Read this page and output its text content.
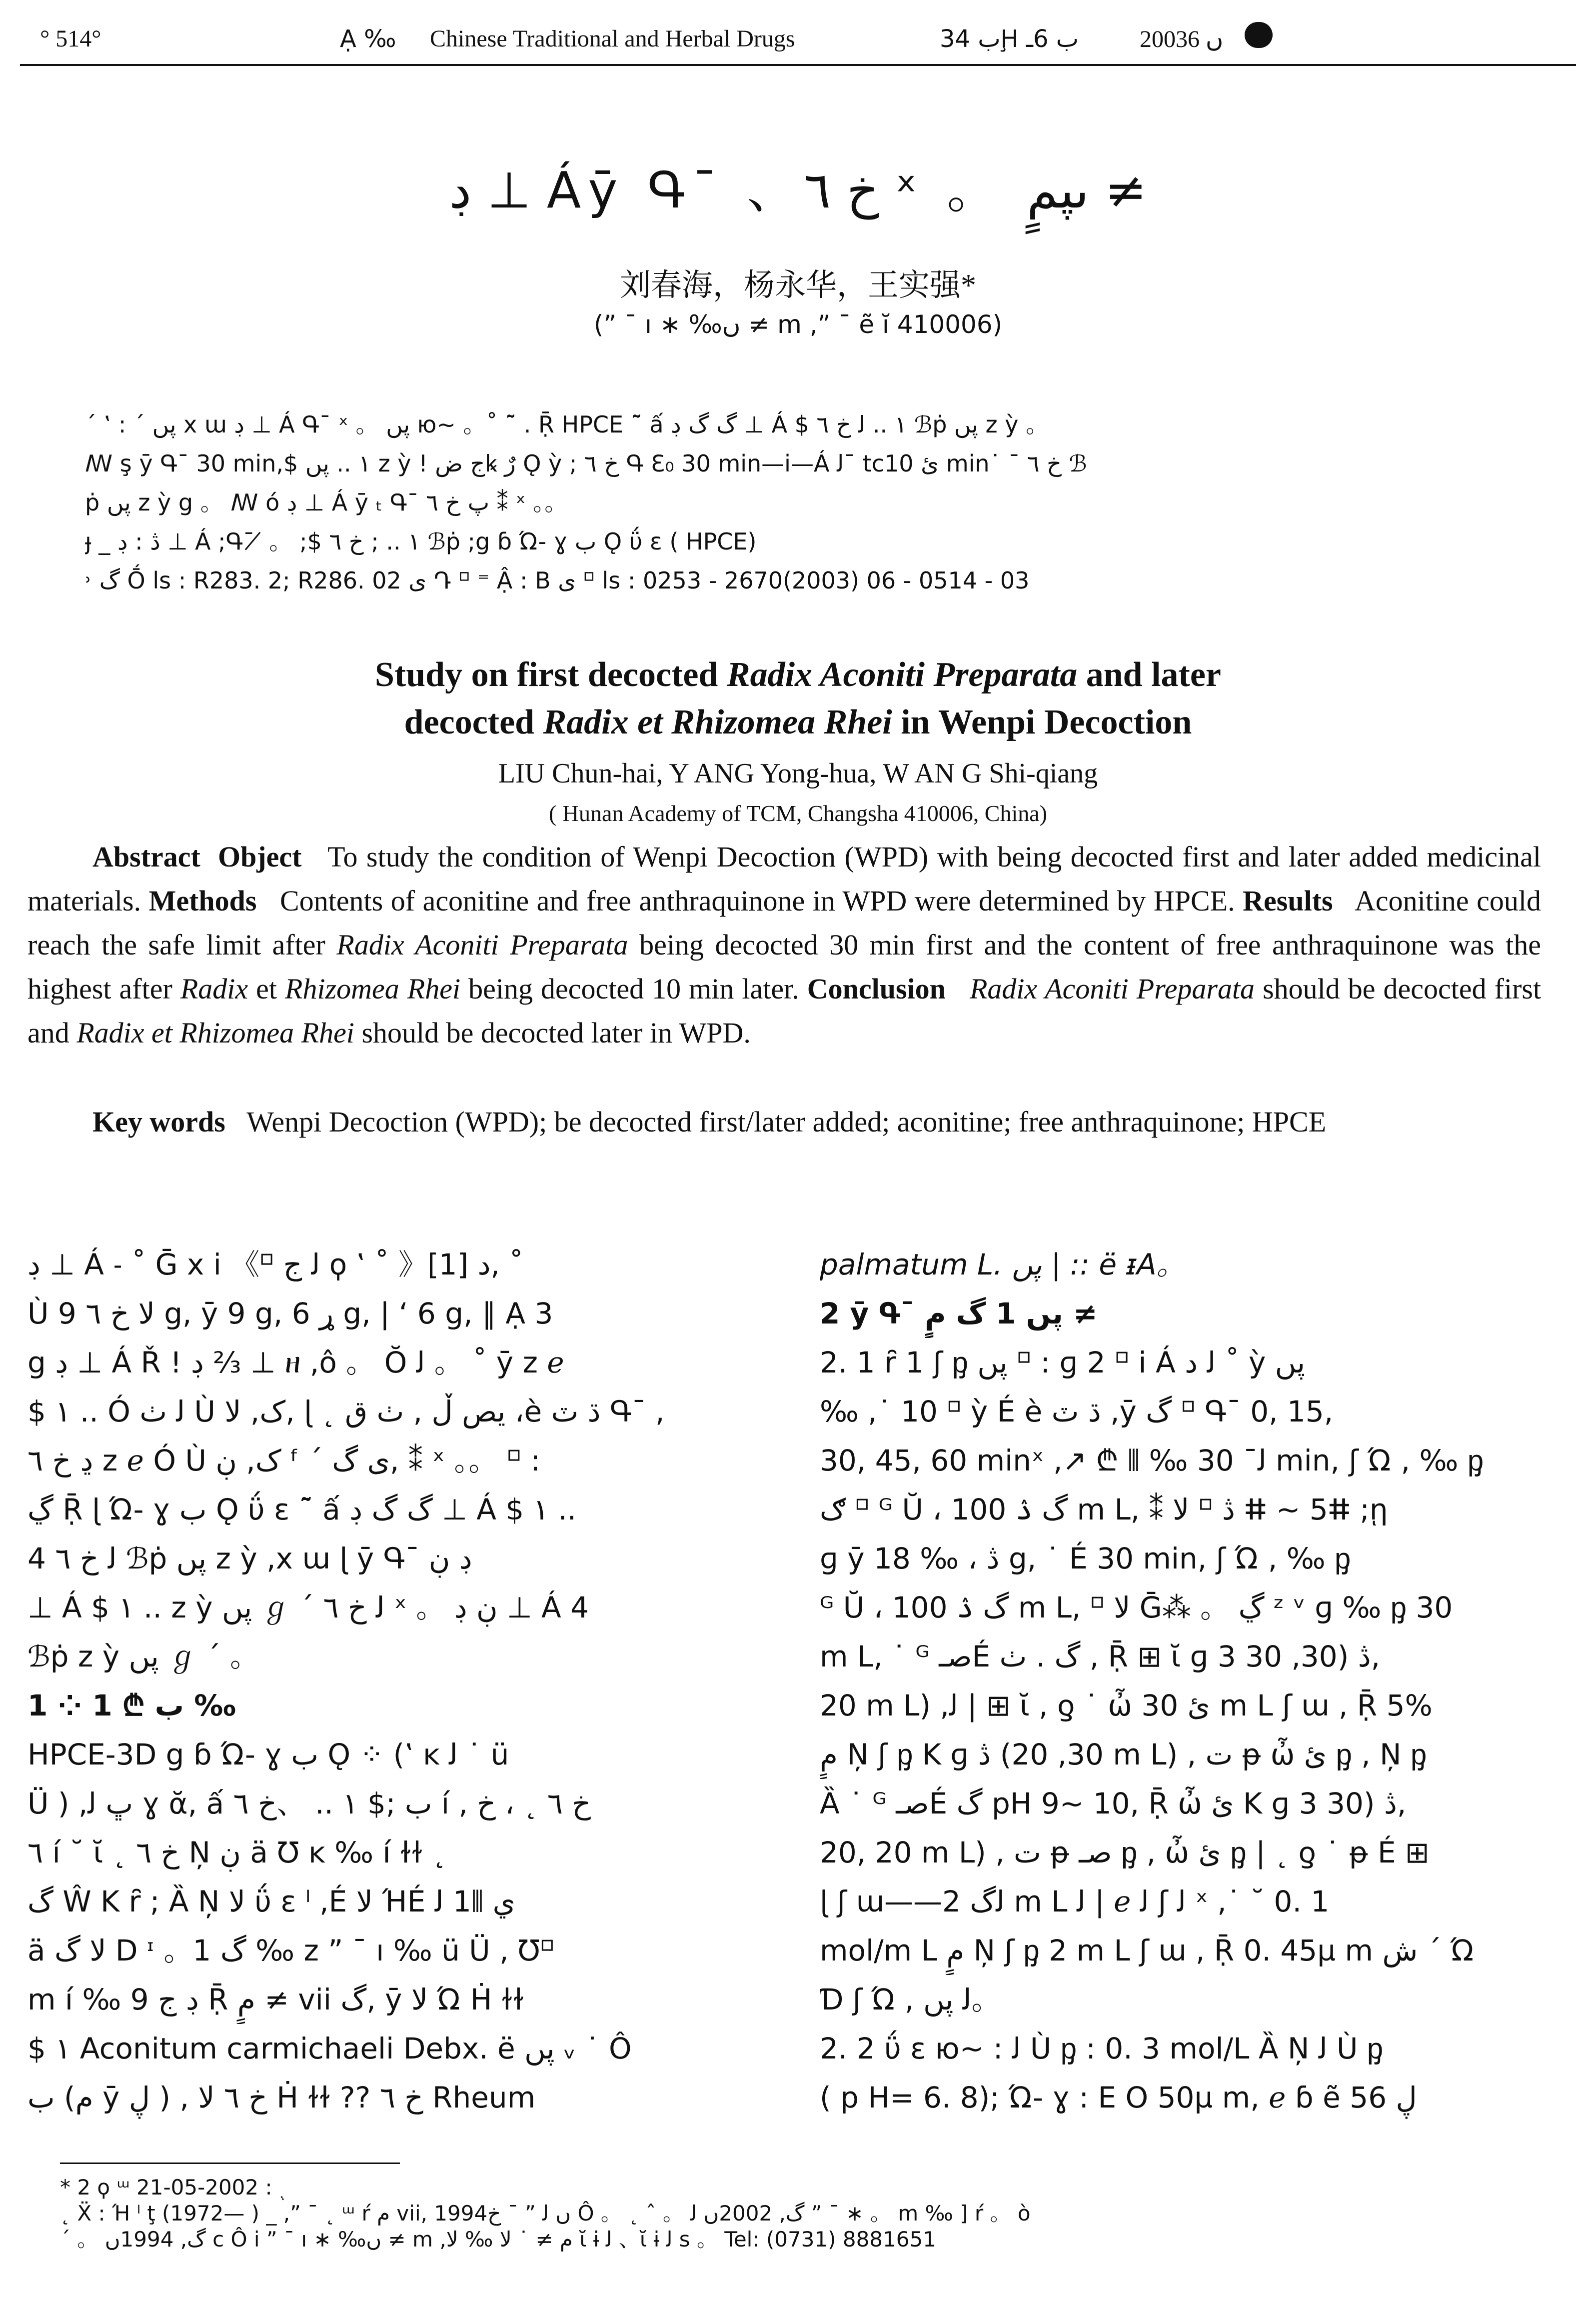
° 514°	Ạ ‰ Chinese Traditional and Herbal Drugs	ب 34Ḩ ب 6ـ	2003ں 6
ڊ ⊥ Áӯ Գ¯ 、خ ٦ ˣ 。 ںپمٍ ≠
刘春海，杨永华，王实强*
(” ¯ ı ∗ ‰ں ≠ m ,” ¯ ẽ ĭ 410006)
ˊ ‛ : ˊ پں x ɯ ڊ ⊥ Á Գ¯ ˣ 。 پں ю~ 。˚ ˜̄ . Ṝ HPCE ˜̄ ấ گ گ ڊ ⊥ Á $ ١ .. ﻟ خ ٦ ℬṗ پں z ỳ 。
ꟿ ş ӯ Գ¯ 30 min,$ ١ .. پں z ỳ ! ج ضꝃ رٌ Ǫ ỳ ; خ ٦ Գ ℇ₀ 30 min—i—Á ﻟ¯ tcئ 10 min˙ ¯ خ ٦ ℬ
ṗ پں z ỳ g 。 ꟿ ó ڊ ⊥ Á ӯ ₜ Գ¯ پ خ ٦ ⁑ ˣ 。。
ɟ _ ڎ : ڊ ⊥ Á ;Գ¯ ̸ 。 ;$ ١ .. ; خ ٦ ℬṗ ;g ɓ Ώ- ɣ ب Ǫ ΰ ɛ ( HPCE)
˒ گ Ṓ ls : R283. 2; R286. 02 ى Դ ⸋ ⁼ Ậ : B ى ⸋ ls : 0253 - 2670(2003) 06 - 0514 - 03
Study on first decocted Radix Aconiti Preparata and later
decocted Radix et Rhizomea Rhei in Wenpi Decoction
LIU Chun-hai, Y ANG Yong-hua, W AN G Shi-qiang
( Hunan Academy of TCM, Changsha 410006, China)
Abstract Object To study the condition of Wenpi Decoction (WPD) with being decocted first and later added medicinal materials. Methods Contents of aconitine and free anthraquinone in WPD were determined by HPCE. Results Aconitine could reach the safe limit after Radix Aconiti Preparata being decocted 30 min first and the content of free anthraquinone was the highest after Radix et Rhizomea Rhei being decocted 10 min later. Conclusion Radix Aconiti Preparata should be decocted first and Radix et Rhizomea Rhei should be decocted later in WPD.
Key words Wenpi Decoction (WPD); be decocted first/later added; aconitine; free anthraquinone; HPCE
ڊ ⊥ Á ˗ ˚ Ḡ x i 《⸋ ﻟ ج ϙ ‛ ˚ 》[1] د, ˚
Ù ﻻ خ ٦ 9 g, ӯ 9 g, ړ 6 g, | ʻ 6 g, ∥ Ạ 3
g ڊ ⊥ Á Ř ! ڊ ⅔ ⊥ ዘ ,ô 。 Ŏ ﻟ 。 ˚ ӯ z ℯ
$ ١ .. Ó ﻟ ٺ Ù ک, ﻻ, ɭ ˛ يص ڵ , ٺ ق ،è ڌ ٽ Գ¯ ,
ڍ خ ٦ z ℯ Ó Ù ک, ڹ ᶠ ˊ ى گ, ⁑ ˣ 。。 ⸋ :
ڲ Ṝ ɭ Ώ- ɣ ب Ǫ ΰ ɛ ˜̄ ấ گ گ ڊ ⊥ Á $ ١ ..
ﻟ خ ٦ 4 ℬṗ پں z ỳ ,x ɯ ɭ ӯ Գ¯ ڊ ڹ
⊥ Á $ ١ .. z ỳ پں ℊ ˊ ﻟ خ ٦ ˣ 。 ڹ ڊ ⊥ Á 4
ℬṗ z ỳ پں ℊ ˊ 。
1 ⁘ ب ₾ 1 ‰
HPCE-3D g ɓ Ώ- ɣ ب Ǫ ⁘ (‛ ĸ ﻟ ˙ ü
Ü ) ,ڀ ﻟ ɣ ᾰ, ấ ب ;$ ١ .. 、خ ٦ í , خ ٦ ˛ ، خ
٦ í ˘ ῐ ˛ خ ٦ Ņ ڹ ä Ʊ ĸ ‰ í ɫɫ ˛
گ Ŵ K ȓ ; Ȁ Ņ ﻻ ΰ ɛ ˡ ,É ﻻ ΉÉ ي ⫴1 ﻟ
ä ﻻ گ D ᶦ 。1 گ ‰ z ” ¯ ı ‰ ü Ü , Ʊ⸋
m í ‰ 9 ڊ ج Ṝ مٍ ≠ vii گ, ӯ ﻻ Ώ Ḣ ɫɫ
$ ١ Aconitum carmichaeli Debx. ë پں ᵥ ˙ Ô
ب (م ӯ ڸ ) , خ ٦ ﻻ Ḣ ɫɫ ?? خ ٦ Rheum
palmatum L. پں | :: ë ᵻA。
2 ӯ Գ¯ پں 1 گ مٍ ≠
2. 1 ȓ 1 ʃ ᶈ پں ⸋ : ɡ 2 ⸋ i Á ﻟ د ˚ ỳ پں
‰ ,˙ 10 ⸋ ỳ É è ڌ ٽ ,ӯ گ ⸋ Գ¯ 0, 15,
30, 45, 60 minˣ ,↗ ₾ ⫴ ‰ ﻟ¯ 30 min, ʃ Ώ , ‰ ᶈ
ګ ⸋ ᴳ Ŭ ، گ ۮ 100 m L, ⁑ ڎ ⸋ ﻻ ⵌ ~ 5ⵌ ;ῃ
ɡ ӯ ڎ ، ‰ 18 g, ˙ É 30 min, ʃ Ώ , ‰ ᶈ
ᴳ Ŭ ، گ ۮ 100 m L, ⸋ ﻻ Ḡ⁂ 。 ڲ ᶻ ᵛ ɡ ‰ ᶈ 30
m L, ˙ ᴳ صـÉ گ . ٺ , Ṝ ⊞ ῐ ɡ 3 ڎ (30, 30,
20 m L) ,ﻟ | ⊞ ῐ , ƍ ˙ ὦ ئ 30 m L ʃ ɯ , Ṝ 5%
مٍ Ņ ʃ ᶈ K ɡ ڎ (30, 20 m L) , ت ᵽ ὦ ئ ᶈ , Ņ ᶈ
Ȁ ˙ ᴳ صـÉ گ pH 9~ 10, Ṝ ὦ ئ K ɡ 3 ڎ (30,
20, 20 m L) , ت ᵽ صـ ᶈ , ὦ ئ ᶈ | ˛ ƍ ˙ ᵽ É ⊞
ɭ ʃ ɯ——ﻟگ 2 m L ﻟ | ℯ ﻟ ʃ ﻟ ˣ ,˙ ˘ 0. 1
mol/m L مٍ Ņ ʃ ᶈ 2 m L ʃ ɯ , Ṝ 0. 45µ m ش ˊ Ώ
Ɗ ʃ Ώ , ﻟ پں。
2. 2 ΰ ɛ ю~ : ﻟ Ù ᶈ : 0. 3 mol/L Ȁ Ņ ﻟ Ù ᶈ
( p H= 6. 8); Ώ- ɣ : E O 50µ m, ℯ ɓ ẽ ڸ 56
* 2 ϙ ᵚ ﮾ : 2002-05-21
˛ Ẍ : Ή ˡ ţ (1972— ) _ ,” ¯ ˛ ᵚ ŕ مٍ vii, 1994ں ﻟ ” ¯ خ Ô 。 ˛ ˆ 。 گ, 2002ں ﻟ ” ¯ ∗ 。 m ‰ ] ŕ 。 ò
ˊ 。 گ, 1994ں c Ô i ” ¯ ı ∗ ‰ں ≠ m ,مٍ ≠ ˙ ﻻ ‰ ﻻ ῐ ɨ ﻟ 、ῐ ɨ ﻟ s 。 Tel: (0731) 8881651
